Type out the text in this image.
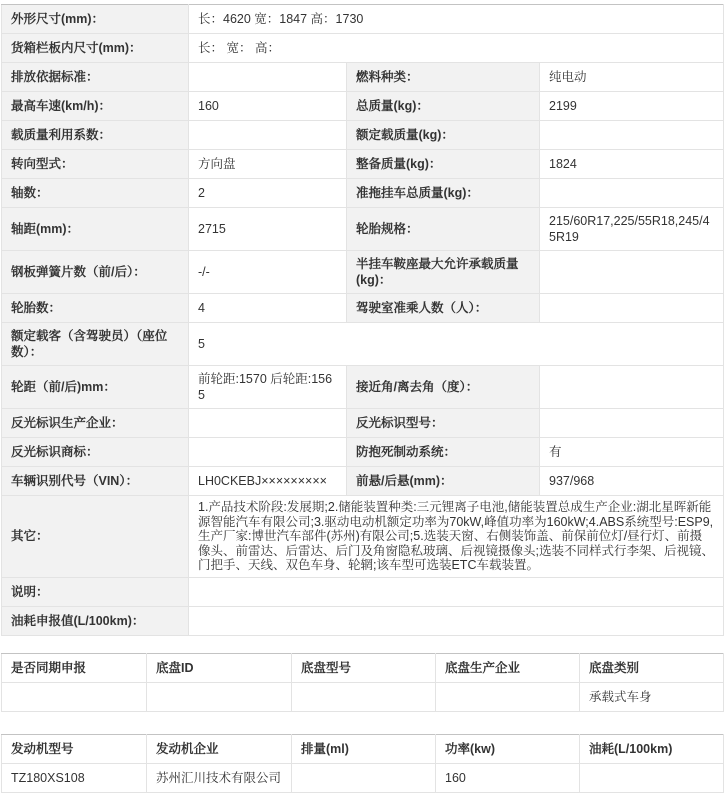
外形尺寸(mm)：	长：4620 宽：1847 高：1730		
货箱栏板内尺寸(mm)：	长： 宽： 高：		
排放依据标准：		燃料种类：	纯电动
最高车速(km/h)：	160	总质量(kg)：	2199
载质量利用系数：		额定载质量(kg)：	
转向型式：	方向盘	整备质量(kg)：	1824
轴数：	2	准拖挂车总质量(kg)：	
轴距(mm)：	2715	轮胎规格：	215/60R17,225/55R18,245/45R19
钢板弹簧片数（前/后）：	-/-	半挂车鞍座最大允许承载质量(kg)：	
轮胎数：	4	驾驶室准乘人数（人）：	
额定载客（含驾驶员）（座位数）：	5		
轮距（前/后)mm：	前轮距:1570 后轮距:1565	接近角/离去角（度）：	
反光标识生产企业：		反光标识型号：	
反光标识商标：		防抱死制动系统：	有
车辆识别代号（VIN）：	LH0CKEBJ×××××××××	前悬/后悬(mm)：	937/968
其它：	1.产品技术阶段:发展期;2.储能装置种类:三元锂离子电池,储能装置总成生产企业:湖北星晖新能源智能汽车有限公司;3.驱动电动机额定功率为70kW,峰值功率为160kW;4.ABS系统型号:ESP9,生产厂家:博世汽车部件(苏州)有限公司;5.选装天窗、右侧装饰盖、前保前位灯/昼行灯、前摄像头、前雷达、后雷达、后门及角窗隐私玻璃、后视镜摄像头;选装不同样式行李架、后视镜、门把手、天线、双色车身、轮辋;该车型可选装ETC车载装置。		
说明：			
油耗申报值(L/100km)：			
是否同期申报	底盘ID	底盘型号	底盘生产企业	底盘类别
				承载式车身
发动机型号	发动机企业	排量(ml)	功率(kw)	油耗(L/100km)
TZ180XS108	苏州汇川技术有限公司		160	
